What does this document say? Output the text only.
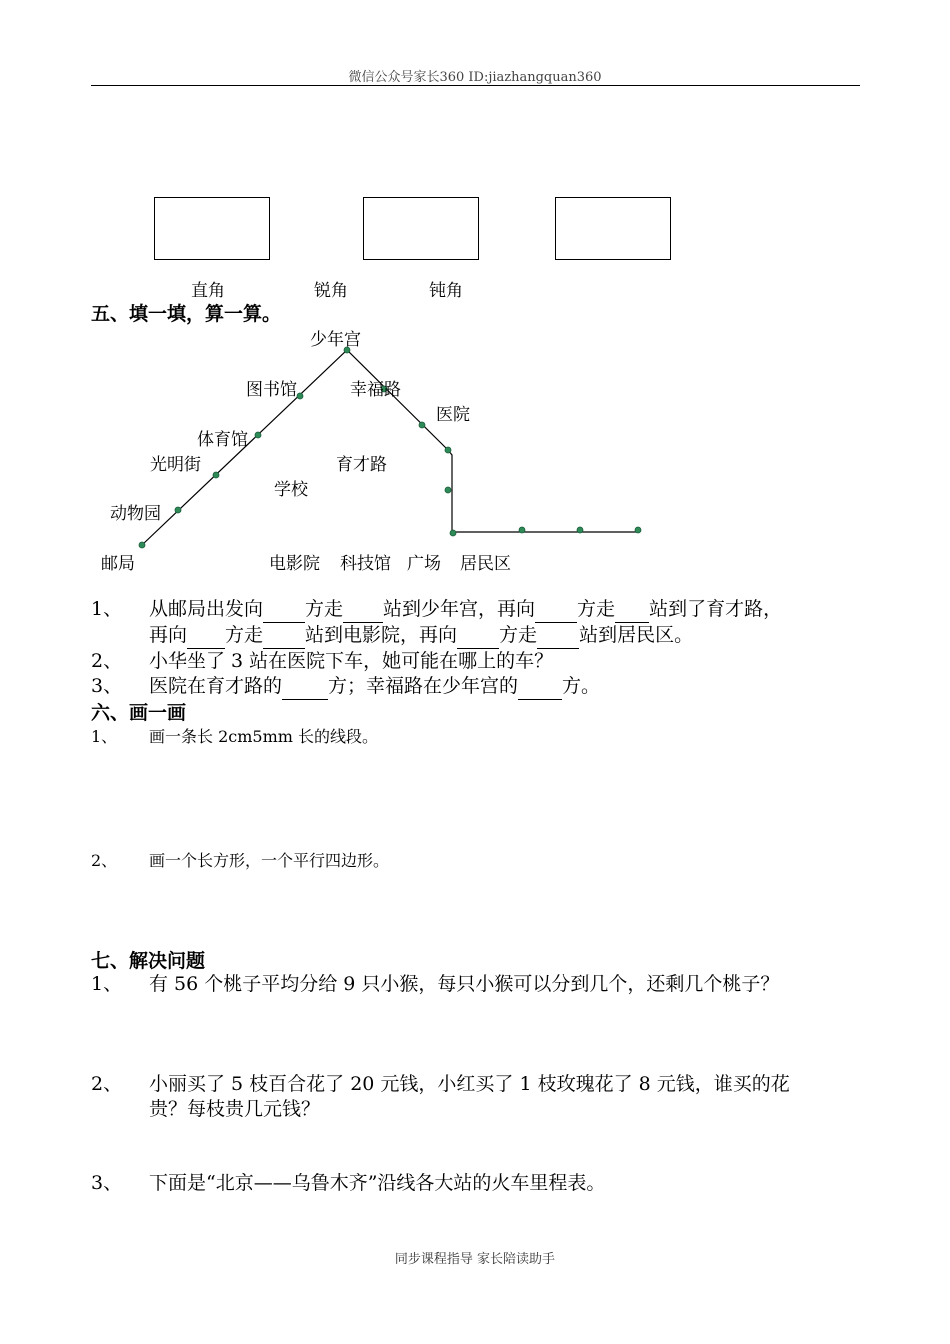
微信公众号家长360 ID:jiazhangquan360
直角	锐角	钝角
五、填一填，算一算。
少年宫
图书馆	幸福路
医院
体育馆
光明街	育才路
学校
动物园
邮局	电影院 科技馆 广场 居民区
1、 从邮局出发向 方走 站到少年宫，再向 方走 站到了育才路，
再向 方走 站到电影院，再向 方走 站到居民区。
2、 小华坐了 3 站在医院下车，她可能在哪上的车？
3、 医院在育才路的 方；幸福路在少年宫的 方。
六、画一画
1、 画一条长 2cm5mm 长的线段。
2、 画一个长方形，一个平行四边形。
七、解决问题
1、 有 56 个桃子平均分给 9 只小猴，每只小猴可以分到几个，还剩几个桃子？
2、 小丽买了 5 枝百合花了 20 元钱，小红买了 1 枝玫瑰花了 8 元钱，谁买的花
贵？每枝贵几元钱？
3、 下面是“北京——乌鲁木齐”沿线各大站的火车里程表。
同步课程指导 家长陪读助手
